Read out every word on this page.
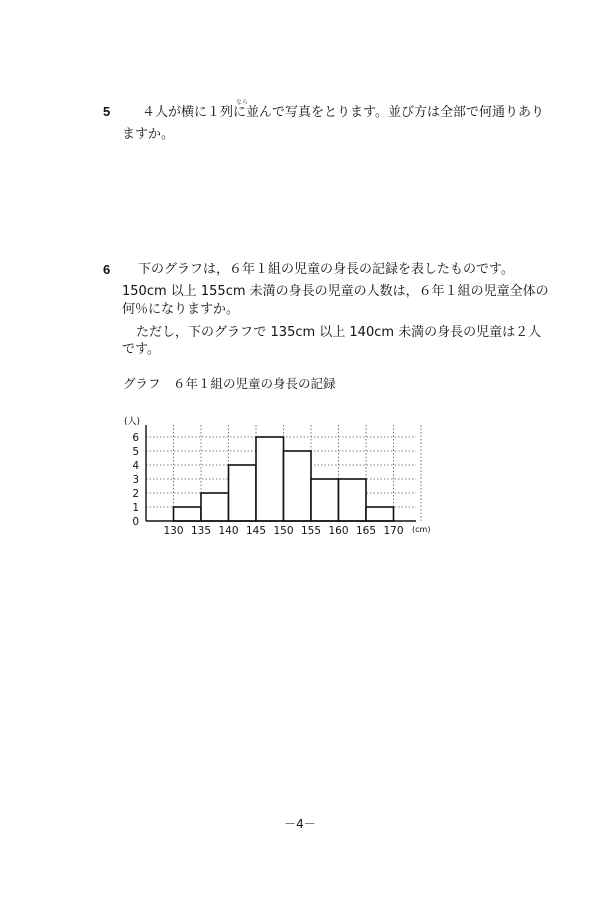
5
なら
４人が横に１列に並んで写真をとります。並び方は全部で何通りあり
ますか。
6 下のグラフは，６年１組の児童の身長の記録を表したものです。
150cm 以上 155cm 未満の身長の児童の人数は，６年１組の児童全体の
何％になりますか。
ただし，下のグラフで 135cm 以上 140cm 未満の身長の児童は２人
です。
グラフ　６年１組の児童の身長の記録
0
1
2
3
4
5
6
(人)
130 135 140 145 150 155 160 165 170 (cm)
－4－
